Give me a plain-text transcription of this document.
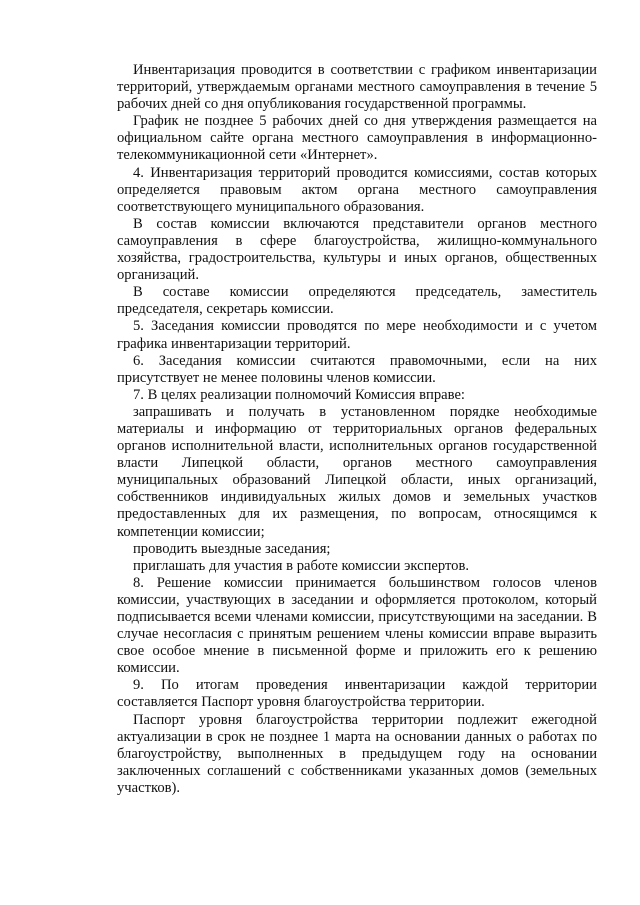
Инвентаризация проводится в соответствии с графиком инвентаризации территорий, утверждаемым органами местного самоуправления в течение 5 рабочих дней со дня опубликования государственной программы.

График не позднее 5 рабочих дней со дня утверждения размещается на официальном сайте органа местного самоуправления в информационно-телекоммуникационной сети «Интернет».

4. Инвентаризация территорий проводится комиссиями, состав которых определяется правовым актом органа местного самоуправления соответствующего муниципального образования.

В состав комиссии включаются представители органов местного самоуправления в сфере благоустройства, жилищно-коммунального хозяйства, градостроительства, культуры и иных органов, общественных организаций.

В составе комиссии определяются председатель, заместитель председателя, секретарь комиссии.

5. Заседания комиссии проводятся по мере необходимости и с учетом графика инвентаризации территорий.

6. Заседания комиссии считаются правомочными, если на них присутствует не менее половины членов комиссии.

7. В целях реализации полномочий Комиссия вправе:

запрашивать и получать в установленном порядке необходимые материалы и информацию от территориальных органов федеральных органов исполнительной власти, исполнительных органов государственной власти Липецкой области, органов местного самоуправления муниципальных образований Липецкой области, иных организаций, собственников индивидуальных жилых домов и земельных участков предоставленных для их размещения, по вопросам, относящимся к компетенции комиссии;

проводить выездные заседания;

приглашать для участия в работе комиссии экспертов.

8. Решение комиссии принимается большинством голосов членов комиссии, участвующих в заседании и оформляется протоколом, который подписывается всеми членами комиссии, присутствующими на заседании. В случае несогласия с принятым решением члены комиссии вправе выразить свое особое мнение в письменной форме и приложить его к решению комиссии.

9. По итогам проведения инвентаризации каждой территории составляется Паспорт уровня благоустройства территории.

Паспорт уровня благоустройства территории подлежит ежегодной актуализации в срок не позднее 1 марта на основании данных о работах по благоустройству, выполненных в предыдущем году на основании заключенных соглашений с собственниками указанных домов (земельных участков).
